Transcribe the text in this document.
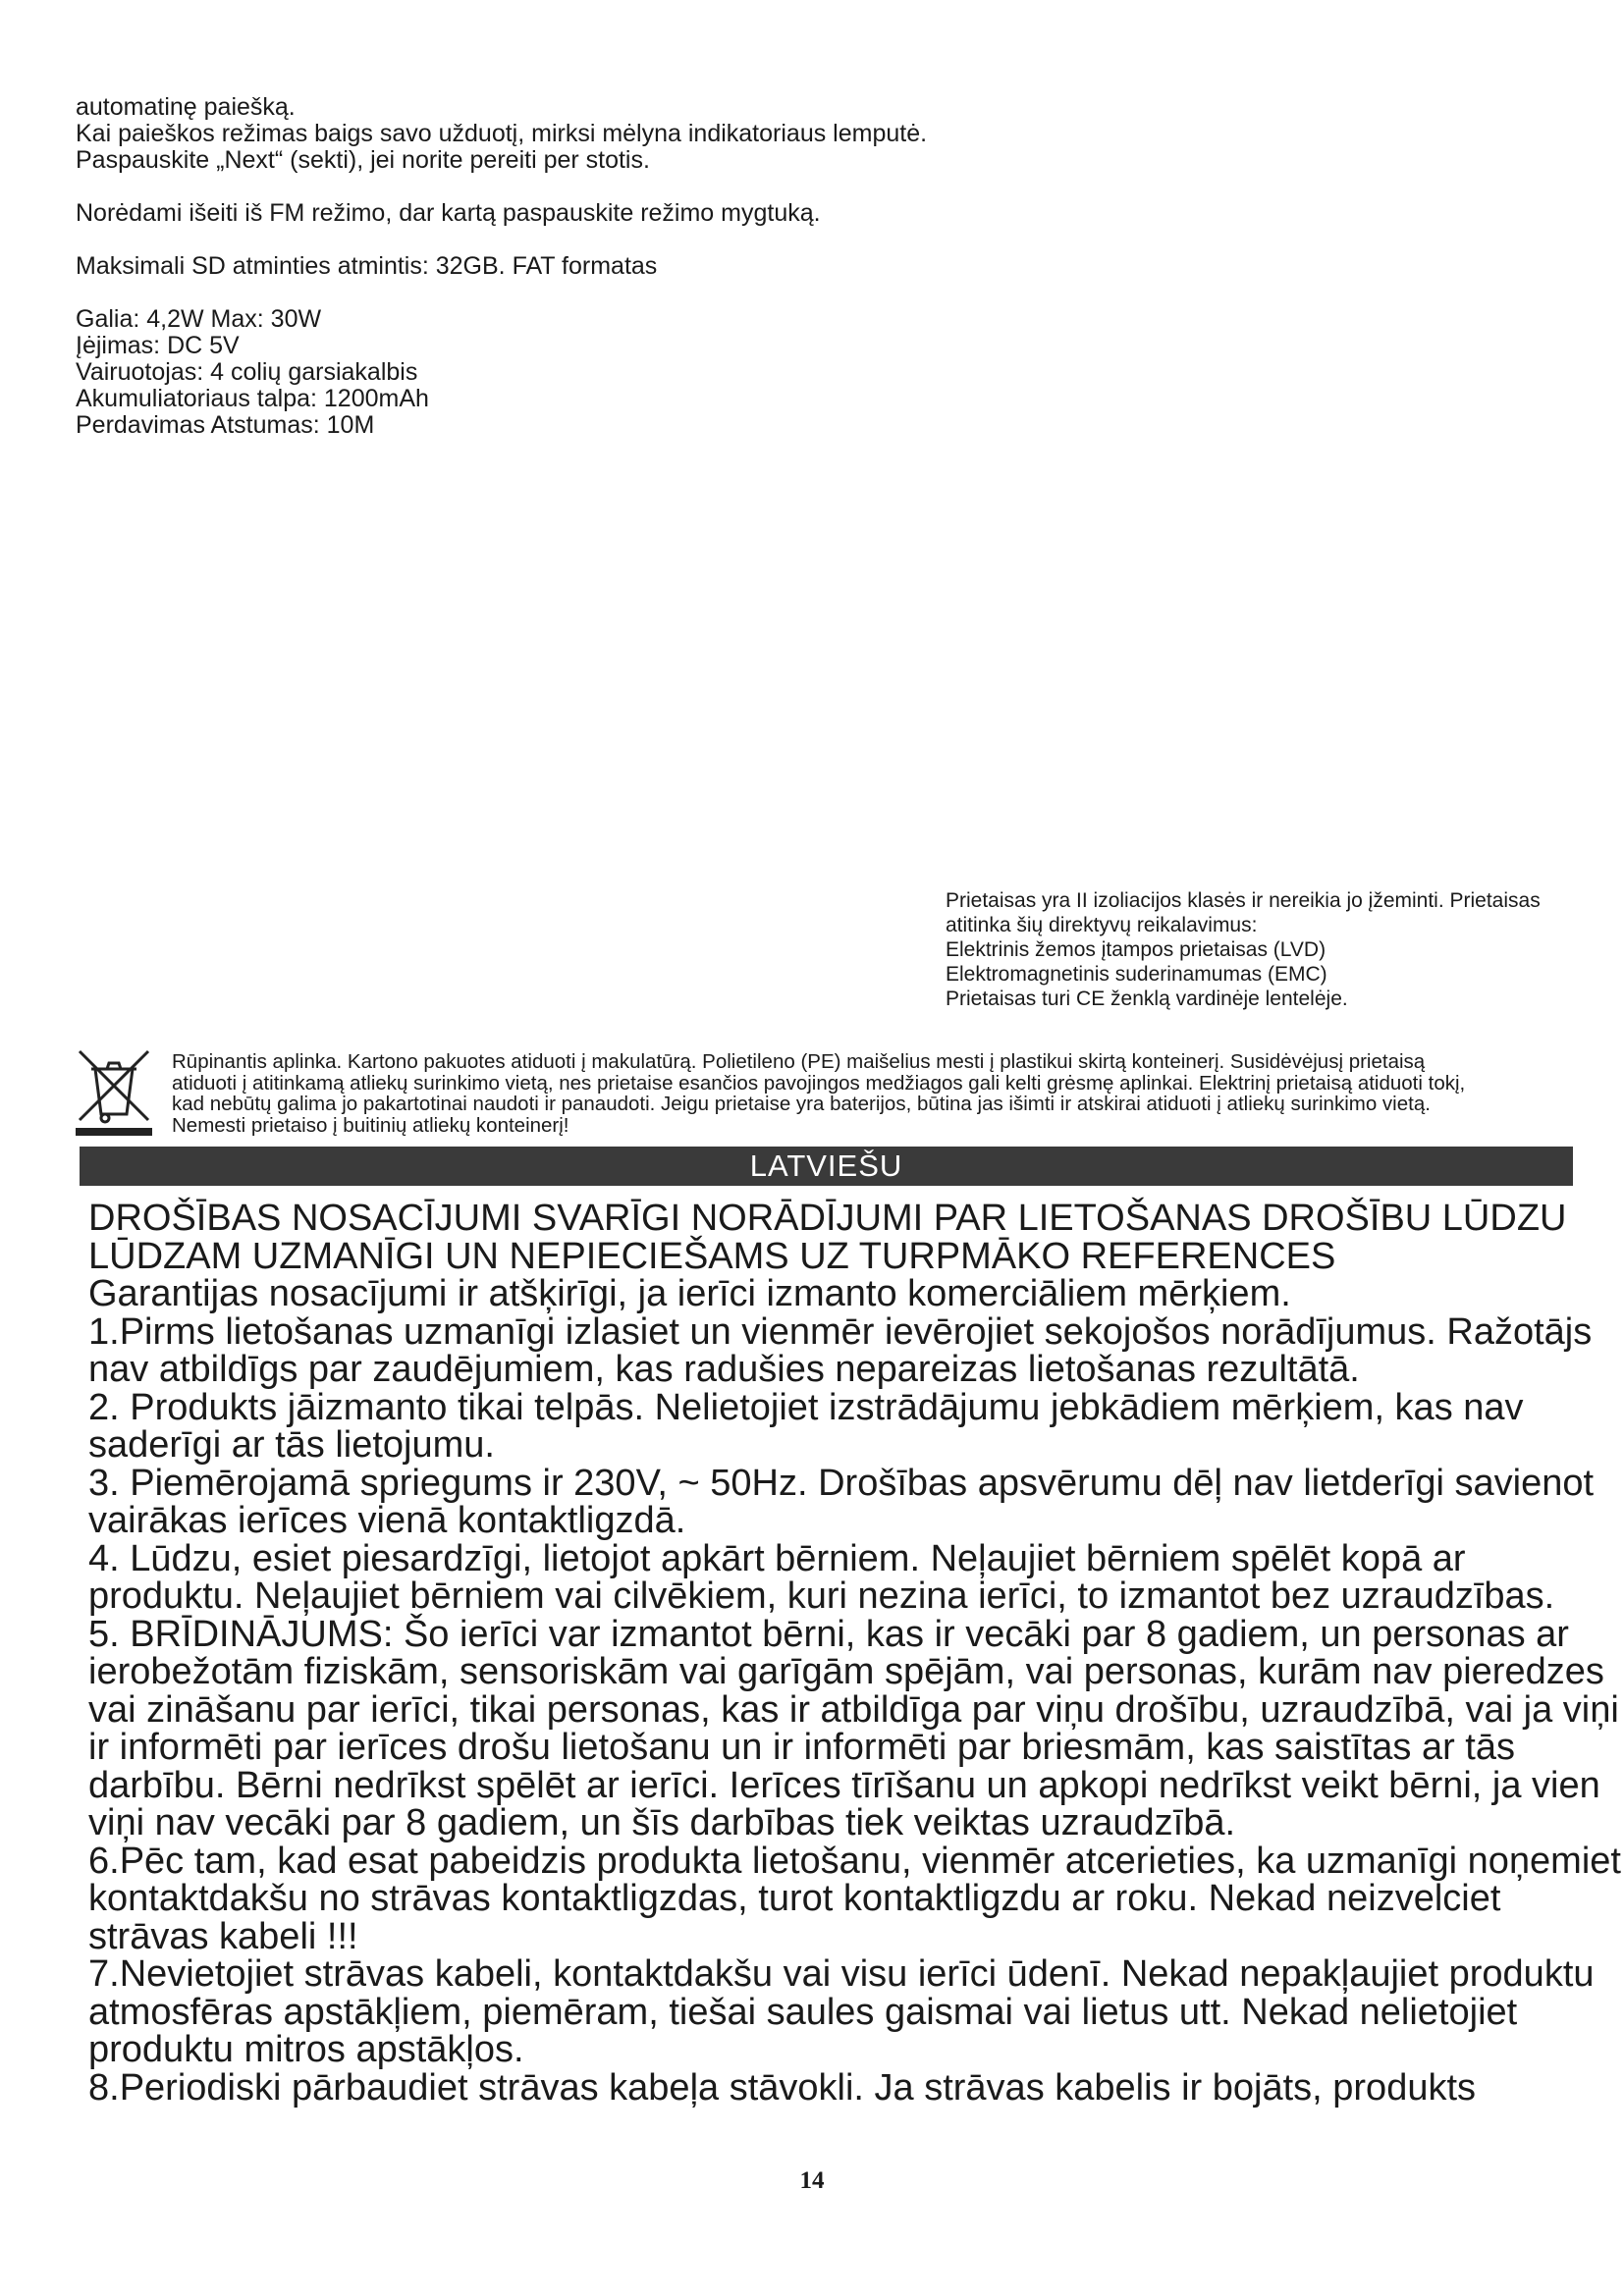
automatinę paiešką.
Kai paieškos režimas baigs savo užduotį, mirksi mėlyna indikatoriaus lemputė.
Paspauskite „Next“ (sekti), jei norite pereiti per stotis.
Norėdami išeiti iš FM režimo, dar kartą paspauskite režimo mygtuką.
Maksimali SD atminties atmintis: 32GB. FAT formatas
Galia: 4,2W Max: 30W
Įėjimas: DC 5V
Vairuotojas: 4 colių garsiakalbis
Akumuliatoriaus talpa: 1200mAh
Perdavimas Atstumas: 10M
Prietaisas yra II izoliacijos klasės ir nereikia jo įžeminti. Prietaisas
atitinka šių direktyvų reikalavimus:
Elektrinis žemos įtampos prietaisas (LVD)
Elektromagnetinis suderinamumas (EMC)
Prietaisas turi CE ženklą vardinėje lentelėje.
Rūpinantis aplinka. Kartono pakuotes atiduoti į makulatūrą. Polietileno (PE) maišelius mesti į plastikui skirtą konteinerį. Susidėvėjusį prietaisą atiduoti į atitinkamą atliekų surinkimo vietą, nes prietaise esančios pavojingos medžiagos gali kelti grėsmę aplinkai. Elektrinį prietaisą atiduoti tokį, kad nebūtų galima jo pakartotinai naudoti ir panaudoti. Jeigu prietaise yra baterijos, būtina jas išimti ir atskirai atiduoti į atliekų surinkimo vietą. Nemesti prietaiso į buitinių atliekų konteinerį!
LATVIEŠU
DROŠĪBAS NOSACĪJUMI SVARĪGI NORĀDĪJUMI PAR LIETOŠANAS DROŠĪBU LŪDZU
LŪDZAM UZMANĪGI UN NEPIECIEŠAMS UZ TURPMĀKO REFERENCES
Garantijas nosacījumi ir atšķirīgi, ja ierīci izmanto komerciāliem mērķiem.
1.Pirms lietošanas uzmanīgi izlasiet un vienmēr ievērojiet sekojošos norādījumus. Ražotājs
nav atbildīgs par zaudējumiem, kas radušies nepareizas lietošanas rezultātā.
2. Produkts jāizmanto tikai telpās. Nelietojiet izstrādājumu jebkādiem mērķiem, kas nav
saderīgi ar tās lietojumu.
3. Piemērojamā spriegums ir 230V, ~ 50Hz. Drošības apsvērumu dēļ nav lietderīgi savienot
vairākas ierīces vienā kontaktligzdā.
4. Lūdzu, esiet piesardzīgi, lietojot apkārt bērniem. Neļaujiet bērniem spēlēt kopā ar
produktu. Neļaujiet bērniem vai cilvēkiem, kuri nezina ierīci, to izmantot bez uzraudzības.
5. BRĪDINĀJUMS: Šo ierīci var izmantot bērni, kas ir vecāki par 8 gadiem, un personas ar
ierobežotām fiziskām, sensoriskām vai garīgām spējām, vai personas, kurām nav pieredzes
vai zināšanu par ierīci, tikai personas, kas ir atbildīga par viņu drošību, uzraudzībā, vai ja viņi
ir informēti par ierīces drošu lietošanu un ir informēti par briesmām, kas saistītas ar tās
darbību. Bērni nedrīkst spēlēt ar ierīci. Ierīces tīrīšanu un apkopi nedrīkst veikt bērni, ja vien
viņi nav vecāki par 8 gadiem, un šīs darbības tiek veiktas uzraudzībā.
6.Pēc tam, kad esat pabeidzis produkta lietošanu, vienmēr atcerieties, ka uzmanīgi noņemiet
kontaktdakšu no strāvas kontaktligzdas, turot kontaktligzdu ar roku. Nekad neizvelciet
strāvas kabeli !!!
7.Nevietojiet strāvas kabeli, kontaktdakšu vai visu ierīci ūdenī. Nekad nepakļaujiet produktu
atmosfēras apstākļiem, piemēram, tiešai saules gaismai vai lietus utt. Nekad nelietojiet
produktu mitros apstākļos.
8.Periodiski pārbaudiet strāvas kabeļa stāvokli. Ja strāvas kabelis ir bojāts, produkts
14
